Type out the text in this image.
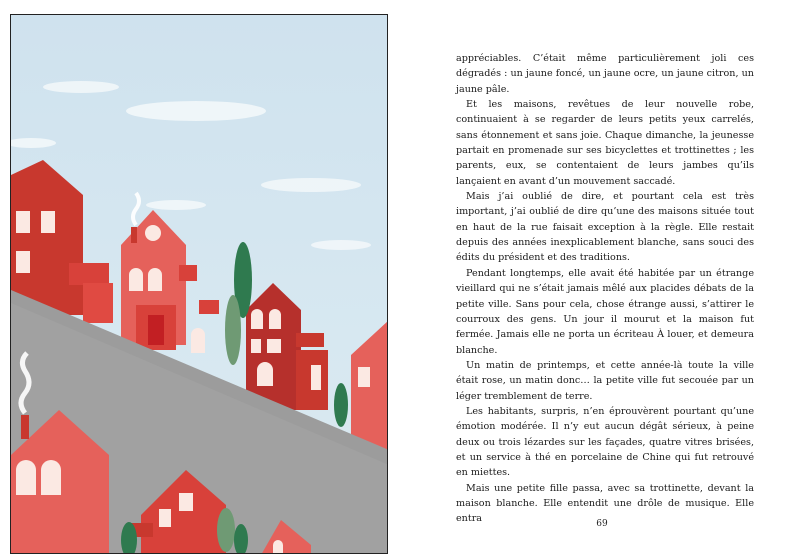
appréciables. C’était même particulièrement joli ces dégradés : un jaune foncé, un jaune ocre, un jaune citron, un jaune pâle.

Et les maisons, revêtues de leur nouvelle robe, continuaient à se regarder de leurs petits yeux carrelés, sans étonnement et sans joie. Chaque dimanche, la jeunesse partait en promenade sur ses bicyclettes et trottinettes ; les parents, eux, se contentaient de leurs jambes qu’ils lançaient en avant d’un mouvement saccadé.

Mais j’ai oublié de dire, et pourtant cela est très important, j’ai oublié de dire qu’une des maisons située tout en haut de la rue faisait exception à la règle. Elle restait depuis des années inexplicablement blanche, sans souci des édits du président et des traditions.

Pendant longtemps, elle avait été habitée par un étrange vieillard qui ne s’était jamais mêlé aux placides débats de la petite ville. Sans pour cela, chose étrange aussi, s’attirer le courroux des gens. Un jour il mourut et la maison fut fermée. Jamais elle ne porta un écriteau À louer, et demeura blanche.

Un matin de printemps, et cette année-là toute la ville était rose, un matin donc… la petite ville fut secouée par un léger tremblement de terre.

Les habitants, surpris, n’en éprouvèrent pourtant qu’une émotion modérée. Il n’y eut aucun dégât sérieux, à peine deux ou trois lézardes sur les façades, quatre vitres brisées, et un service à thé en porcelaine de Chine qui fut retrouvé en miettes.

Mais une petite fille passa, avec sa trottinette, devant la maison blanche. Elle entendit une drôle de musique. Elle entra	69
